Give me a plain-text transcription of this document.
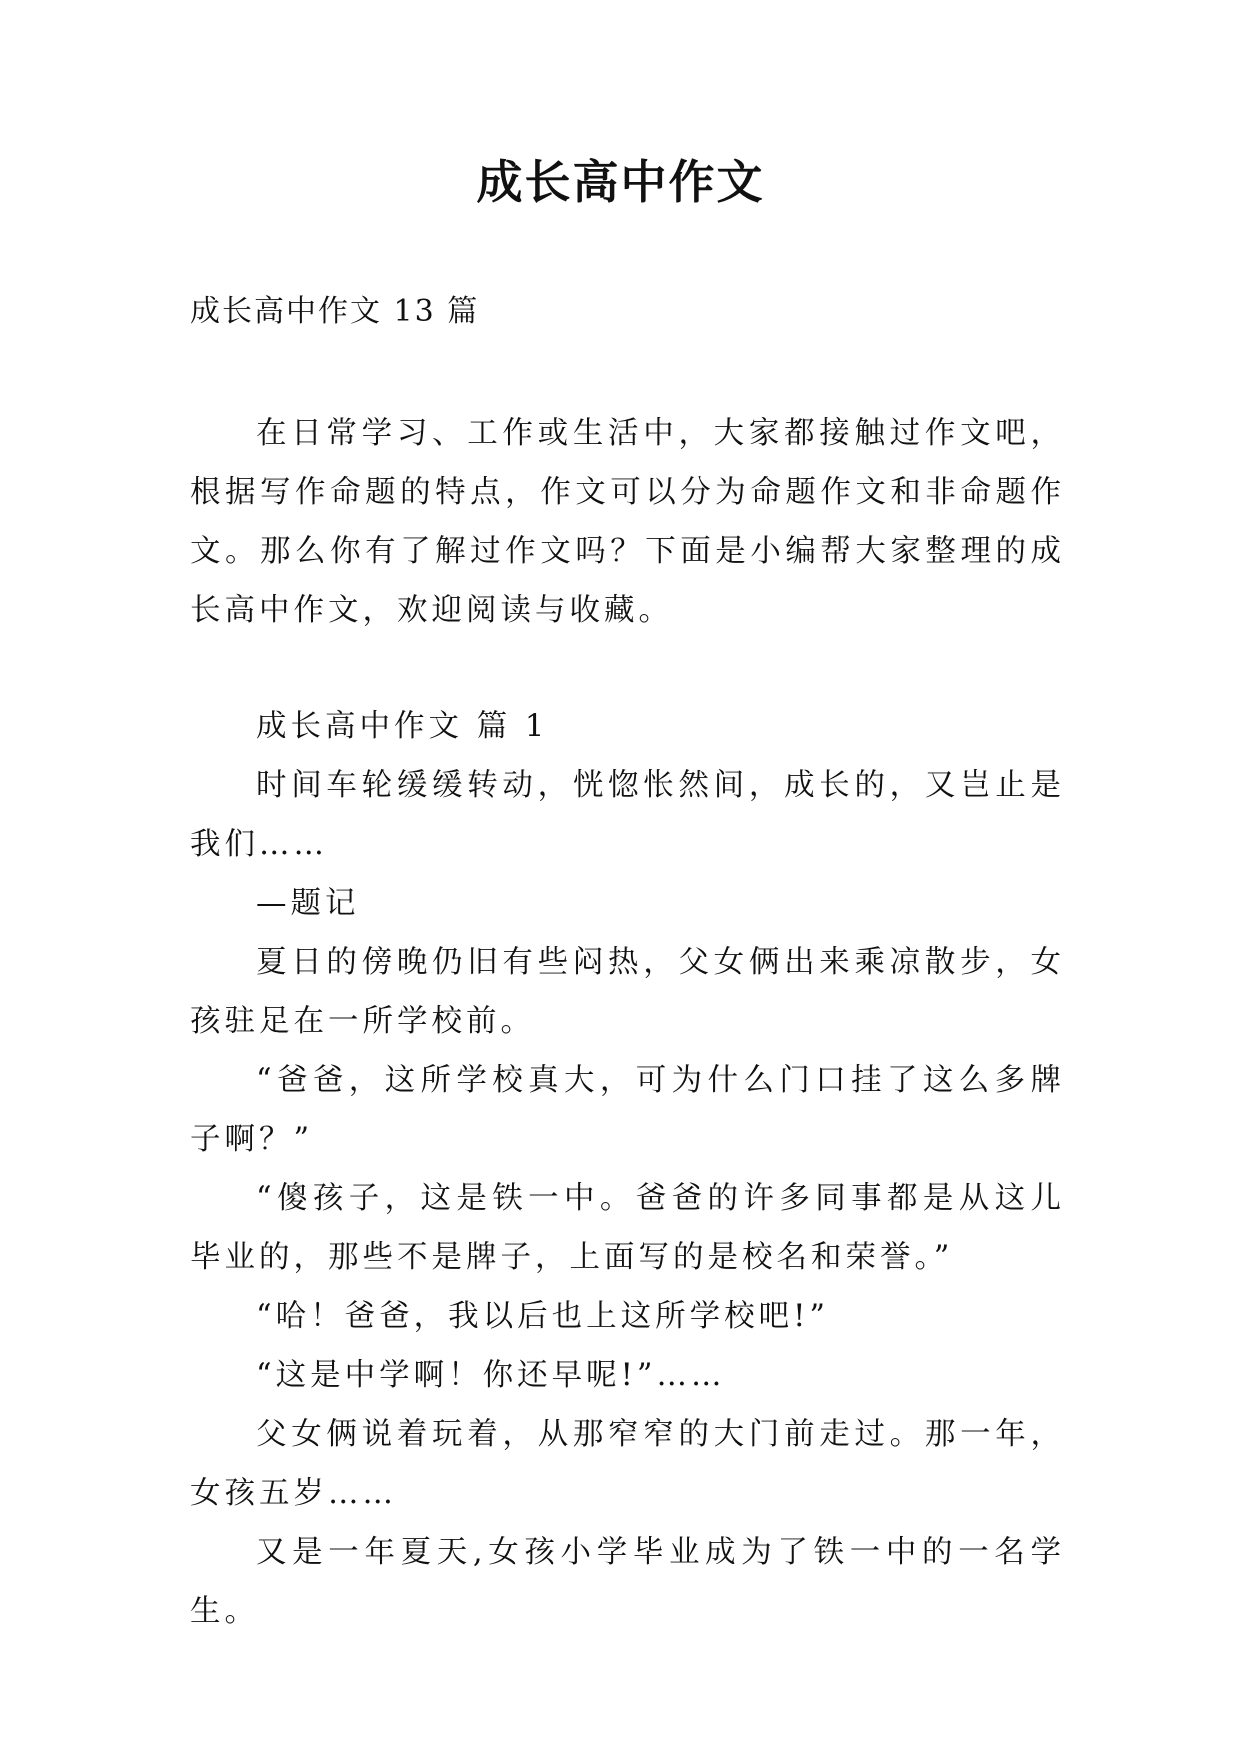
成长高中作文
成长高中作文 13 篇

在日常学习、工作或生活中，大家都接触过作文吧，根据写作命题的特点，作文可以分为命题作文和非命题作文。那么你有了解过作文吗？下面是小编帮大家整理的成长高中作文，欢迎阅读与收藏。

成长高中作文 篇 1

时间车轮缓缓转动，恍惚怅然间，成长的，又岂止是我们……

—题记

夏日的傍晚仍旧有些闷热，父女俩出来乘凉散步，女孩驻足在一所学校前。

“爸爸，这所学校真大，可为什么门口挂了这么多牌子啊？”

“傻孩子，这是铁一中。爸爸的许多同事都是从这儿毕业的，那些不是牌子，上面写的是校名和荣誉。”

“哈！爸爸，我以后也上这所学校吧!”

“这是中学啊！你还早呢!”……

父女俩说着玩着，从那窄窄的大门前走过。那一年，女孩五岁……

又是一年夏天,女孩小学毕业成为了铁一中的一名学生。
